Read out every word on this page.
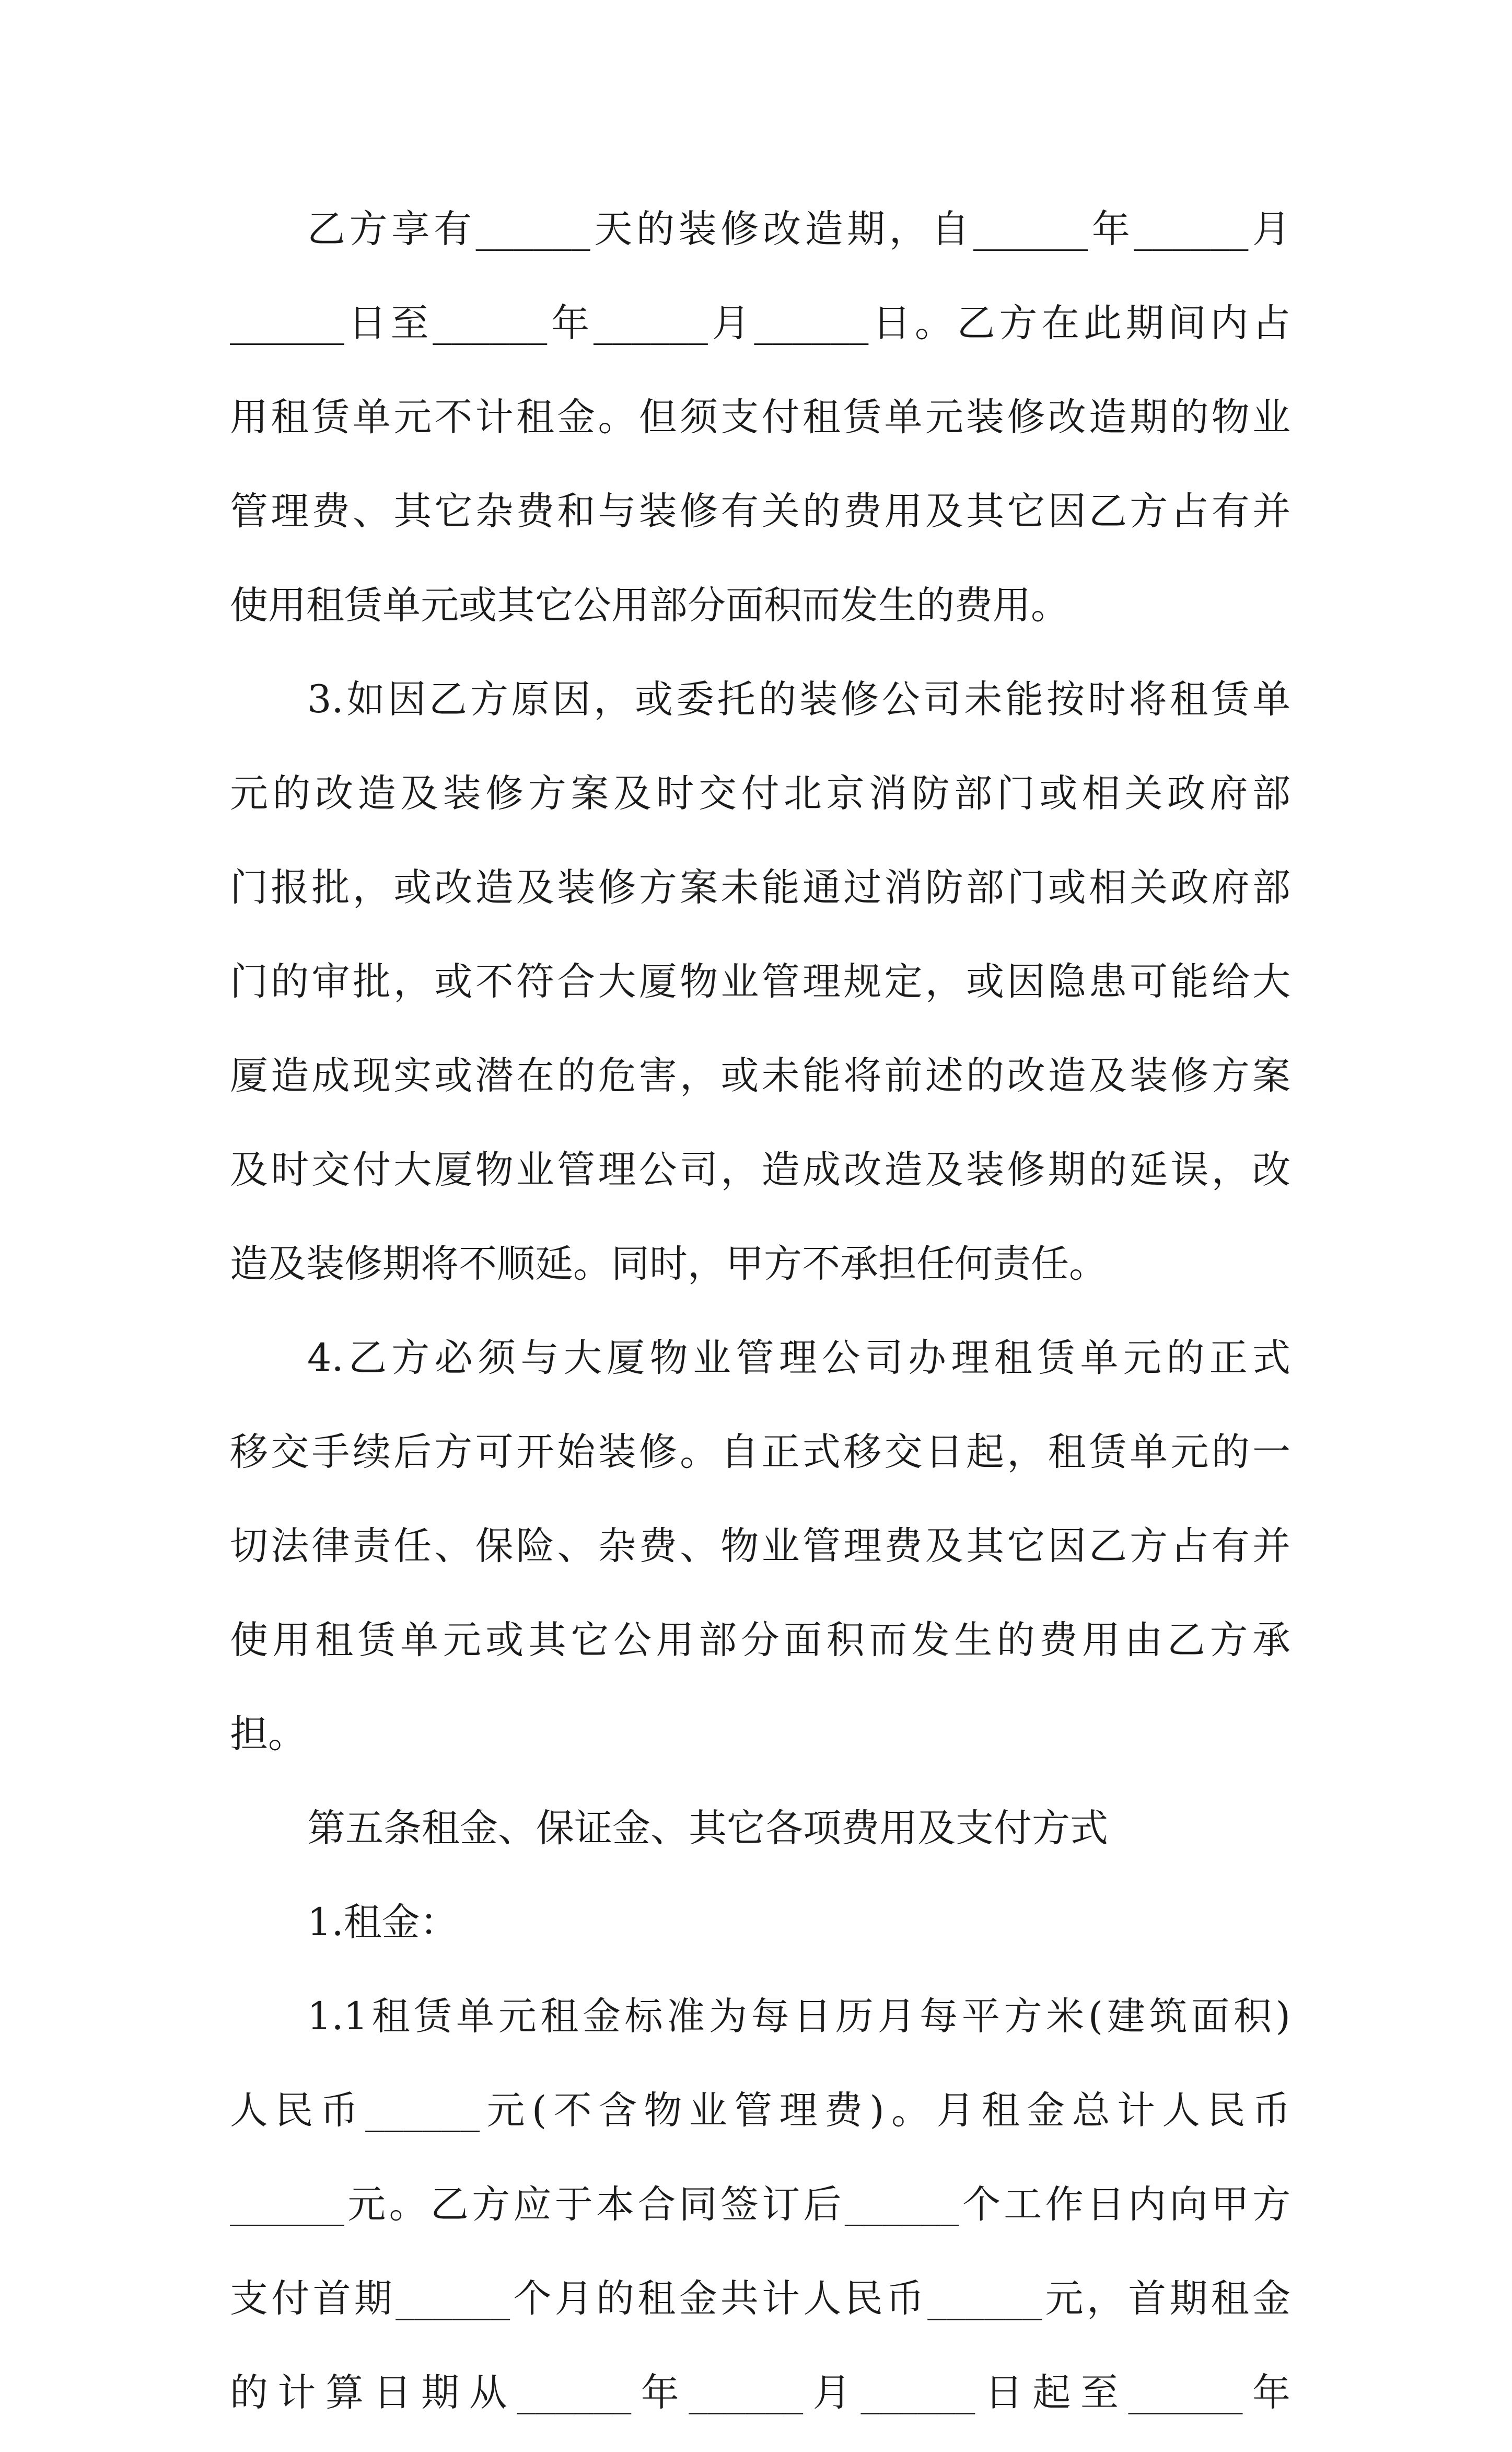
乙方享有______天的装修改造期，自______年______月
______日至______年______月______日。乙方在此期间内占
用租赁单元不计租金。但须支付租赁单元装修改造期的物业
管理费、其它杂费和与装修有关的费用及其它因乙方占有并
使用租赁单元或其它公用部分面积而发生的费用。
3.如因乙方原因，或委托的装修公司未能按时将租赁单
元的改造及装修方案及时交付北京消防部门或相关政府部
门报批，或改造及装修方案未能通过消防部门或相关政府部
门的审批，或不符合大厦物业管理规定，或因隐患可能给大
厦造成现实或潜在的危害，或未能将前述的改造及装修方案
及时交付大厦物业管理公司，造成改造及装修期的延误，改
造及装修期将不顺延。同时，甲方不承担任何责任。
4.乙方必须与大厦物业管理公司办理租赁单元的正式
移交手续后方可开始装修。自正式移交日起，租赁单元的一
切法律责任、保险、杂费、物业管理费及其它因乙方占有并
使用租赁单元或其它公用部分面积而发生的费用由乙方承
担。
第五条租金、保证金、其它各项费用及支付方式
1.租金：
1.1租赁单元租金标准为每日历月每平方米(建筑面积)
人民币______元(不含物业管理费)。月租金总计人民币
______元。乙方应于本合同签订后______个工作日内向甲方
支付首期______个月的租金共计人民币______元，首期租金
的计算日期从______年______月______日起至______年
